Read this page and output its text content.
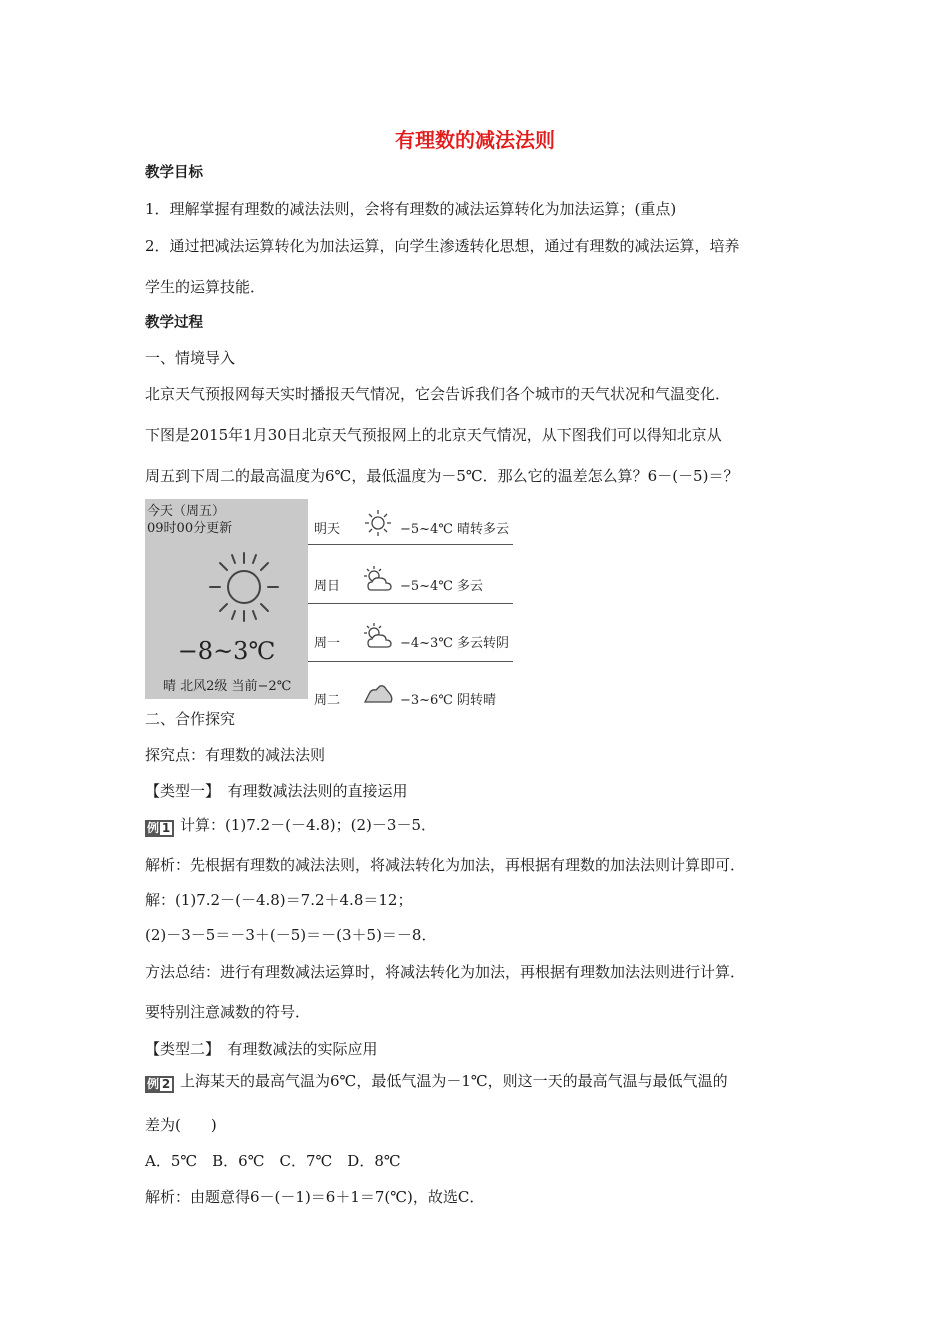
有理数的减法法则
教学目标
1．理解掌握有理数的减法法则，会将有理数的减法运算转化为加法运算；(重点)
2．通过把减法运算转化为加法运算，向学生渗透转化思想，通过有理数的减法运算，培养
学生的运算技能．
教学过程
一、情境导入
北京天气预报网每天实时播报天气情况，它会告诉我们各个城市的天气状况和气温变化．
下图是2015年1月30日北京天气预报网上的北京天气情况，从下图我们可以得知北京从
周五到下周二的最高温度为6℃，最低温度为－5℃．那么它的温差怎么算？6－(－5)＝？
今天（周五）
09时00分更新
−8~3℃
晴 北风2级 当前−2℃
明天	−5~4℃ 晴转多云
周日	−5~4℃ 多云
周一	−4~3℃ 多云转阴
周二	−3~6℃ 阴转晴
二、合作探究
探究点：有理数的减法法则
【类型一】　有理数减法法则的直接运用
例 1 计算：(1)7.2－(－4.8)；(2)－3－5．
解析：先根据有理数的减法法则，将减法转化为加法，再根据有理数的加法法则计算即可．
解：(1)7.2－(－4.8)＝7.2＋4.8＝12；
(2)－3－5＝－3＋(－5)＝－(3＋5)＝－8．
方法总结：进行有理数减法运算时，将减法转化为加法，再根据有理数加法法则进行计算．
要特别注意减数的符号．
【类型二】　有理数减法的实际应用
例 2 上海某天的最高气温为6℃，最低气温为－1℃，则这一天的最高气温与最低气温的
差为(　　)
A．5℃　B．6℃　C．7℃　D．8℃
解析：由题意得6－(－1)＝6＋1＝7(℃)，故选C．
